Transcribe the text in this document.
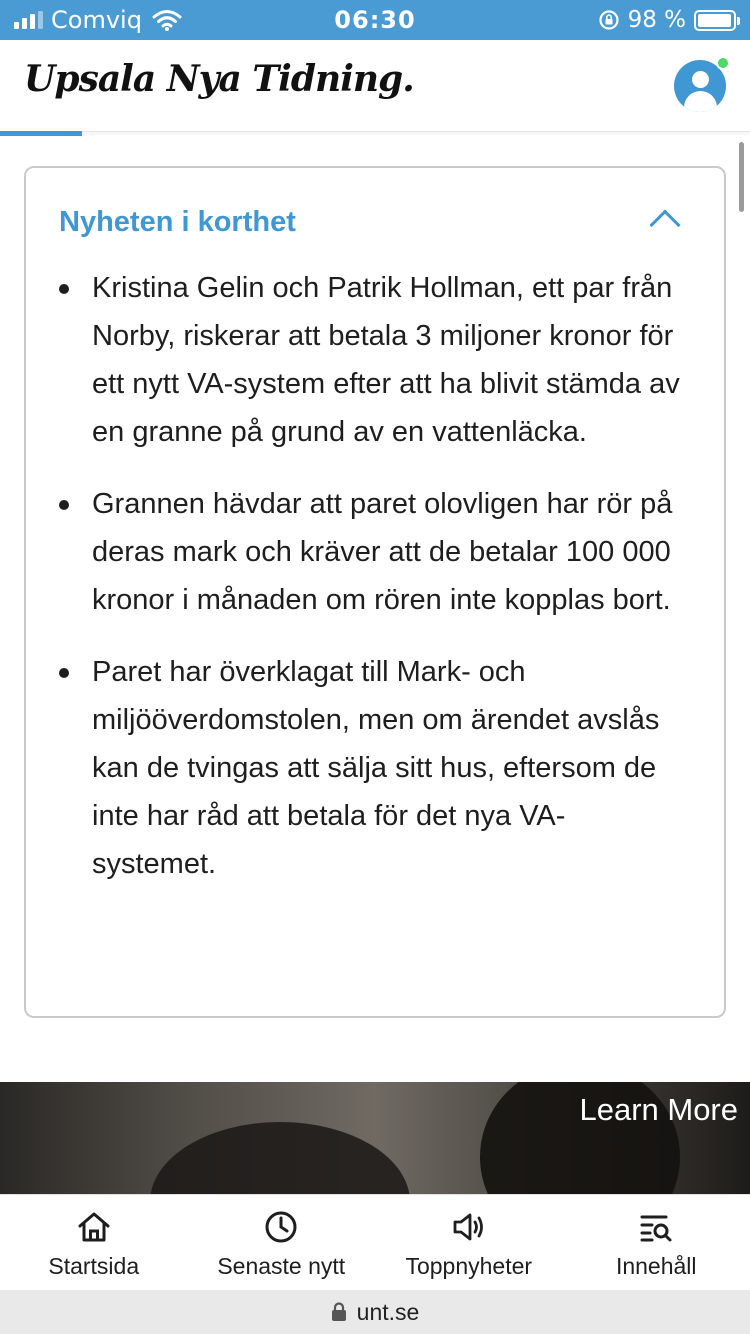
Comviq	06:30	98 %
Upsala Nya Tidning.
Nyheten i korthet
Kristina Gelin och Patrik Hollman, ett par från Norby, riskerar att betala 3 miljoner kronor för ett nytt VA-system efter att ha blivit stämda av en granne på grund av en vattenläcka.
Grannen hävdar att paret olovligen har rör på deras mark och kräver att de betalar 100 000 kronor i månaden om rören inte kopplas bort.
Paret har överklagat till Mark- och miljööverdomstolen, men om ärendet avslås kan de tvingas att sälja sitt hus, eftersom de inte har råd att betala för det nya VA-systemet.
Learn More
Startsida	Senaste nytt	Toppnyheter	Innehåll
unt.se
